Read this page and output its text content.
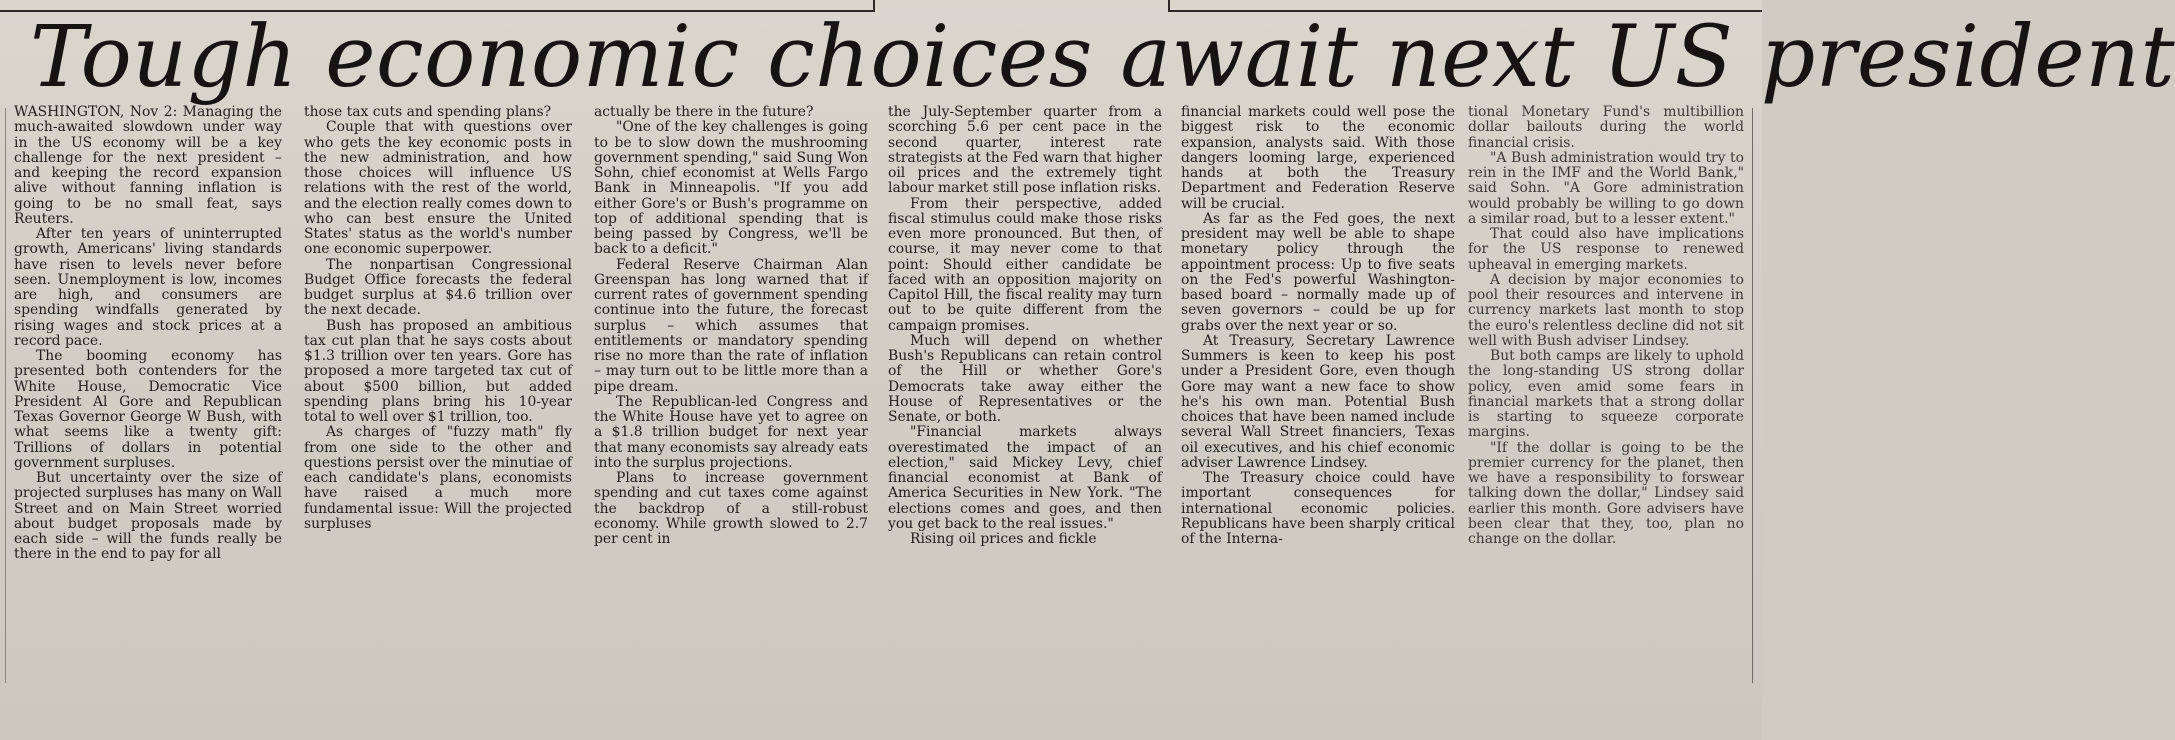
Tough economic choices await next US president

WASHINGTON, Nov 2: Managing the much-awaited slowdown under way in the US economy will be a key challenge for the next president – and keeping the record expansion alive without fanning inflation is going to be no small feat, says Reuters.

After ten years of uninterrupted growth, Americans' living standards have risen to levels never before seen. Unemployment is low, incomes are high, and consumers are spending windfalls generated by rising wages and stock prices at a record pace.

The booming economy has presented both contenders for the White House, Democratic Vice President Al Gore and Republican Texas Governor George W Bush, with what seems like a twenty gift: Trillions of dollars in potential government surpluses.

But uncertainty over the size of projected surpluses has many on Wall Street and on Main Street worried about budget proposals made by each side – will the funds really be there in the end to pay for all

those tax cuts and spending plans?

Couple that with questions over who gets the key economic posts in the new administration, and how those choices will influence US relations with the rest of the world, and the election really comes down to who can best ensure the United States' status as the world's number one economic superpower.

The nonpartisan Congressional Budget Office forecasts the federal budget surplus at $4.6 trillion over the next decade.

Bush has proposed an ambitious tax cut plan that he says costs about $1.3 trillion over ten years. Gore has proposed a more targeted tax cut of about $500 billion, but added spending plans bring his 10-year total to well over $1 trillion, too.

As charges of "fuzzy math" fly from one side to the other and questions persist over the minutiae of each candidate's plans, economists have raised a much more fundamental issue: Will the projected surpluses

actually be there in the future?

"One of the key challenges is going to be to slow down the mushrooming government spending," said Sung Won Sohn, chief economist at Wells Fargo Bank in Minneapolis. "If you add either Gore's or Bush's programme on top of additional spending that is being passed by Congress, we'll be back to a deficit."

Federal Reserve Chairman Alan Greenspan has long warned that if current rates of government spending continue into the future, the forecast surplus – which assumes that entitlements or mandatory spending rise no more than the rate of inflation – may turn out to be little more than a pipe dream.

The Republican-led Congress and the White House have yet to agree on a $1.8 trillion budget for next year that many economists say already eats into the surplus projections.

Plans to increase government spending and cut taxes come against the backdrop of a still-robust economy. While growth slowed to 2.7 per cent in

the July-September quarter from a scorching 5.6 per cent pace in the second quarter, interest rate strategists at the Fed warn that higher oil prices and the extremely tight labour market still pose inflation risks.

From their perspective, added fiscal stimulus could make those risks even more pronounced. But then, of course, it may never come to that point: Should either candidate be faced with an opposition majority on Capitol Hill, the fiscal reality may turn out to be quite different from the campaign promises.

Much will depend on whether Bush's Republicans can retain control of the Hill or whether Gore's Democrats take away either the House of Representatives or the Senate, or both.

"Financial markets always overestimated the impact of an election," said Mickey Levy, chief financial economist at Bank of America Securities in New York. "The elections comes and goes, and then you get back to the real issues."

Rising oil prices and fickle

financial markets could well pose the biggest risk to the economic expansion, analysts said. With those dangers looming large, experienced hands at both the Treasury Department and Federation Reserve will be crucial.

As far as the Fed goes, the next president may well be able to shape monetary policy through the appointment process: Up to five seats on the Fed's powerful Washington-based board – normally made up of seven governors – could be up for grabs over the next year or so.

At Treasury, Secretary Lawrence Summers is keen to keep his post under a President Gore, even though Gore may want a new face to show he's his own man. Potential Bush choices that have been named include several Wall Street financiers, Texas oil executives, and his chief economic adviser Lawrence Lindsey.

The Treasury choice could have important consequences for international economic policies. Republicans have been sharply critical of the Interna-

tional Monetary Fund's multibillion dollar bailouts during the world financial crisis.

"A Bush administration would try to rein in the IMF and the World Bank," said Sohn. "A Gore administration would probably be willing to go down a similar road, but to a lesser extent."

That could also have implications for the US response to renewed upheaval in emerging markets.

A decision by major economies to pool their resources and intervene in currency markets last month to stop the euro's relentless decline did not sit well with Bush adviser Lindsey.

But both camps are likely to uphold the long-standing US strong dollar policy, even amid some fears in financial markets that a strong dollar is starting to squeeze corporate margins.

"If the dollar is going to be the premier currency for the planet, then we have a responsibility to forswear talking down the dollar," Lindsey said earlier this month. Gore advisers have been clear that they, too, plan no change on the dollar.
